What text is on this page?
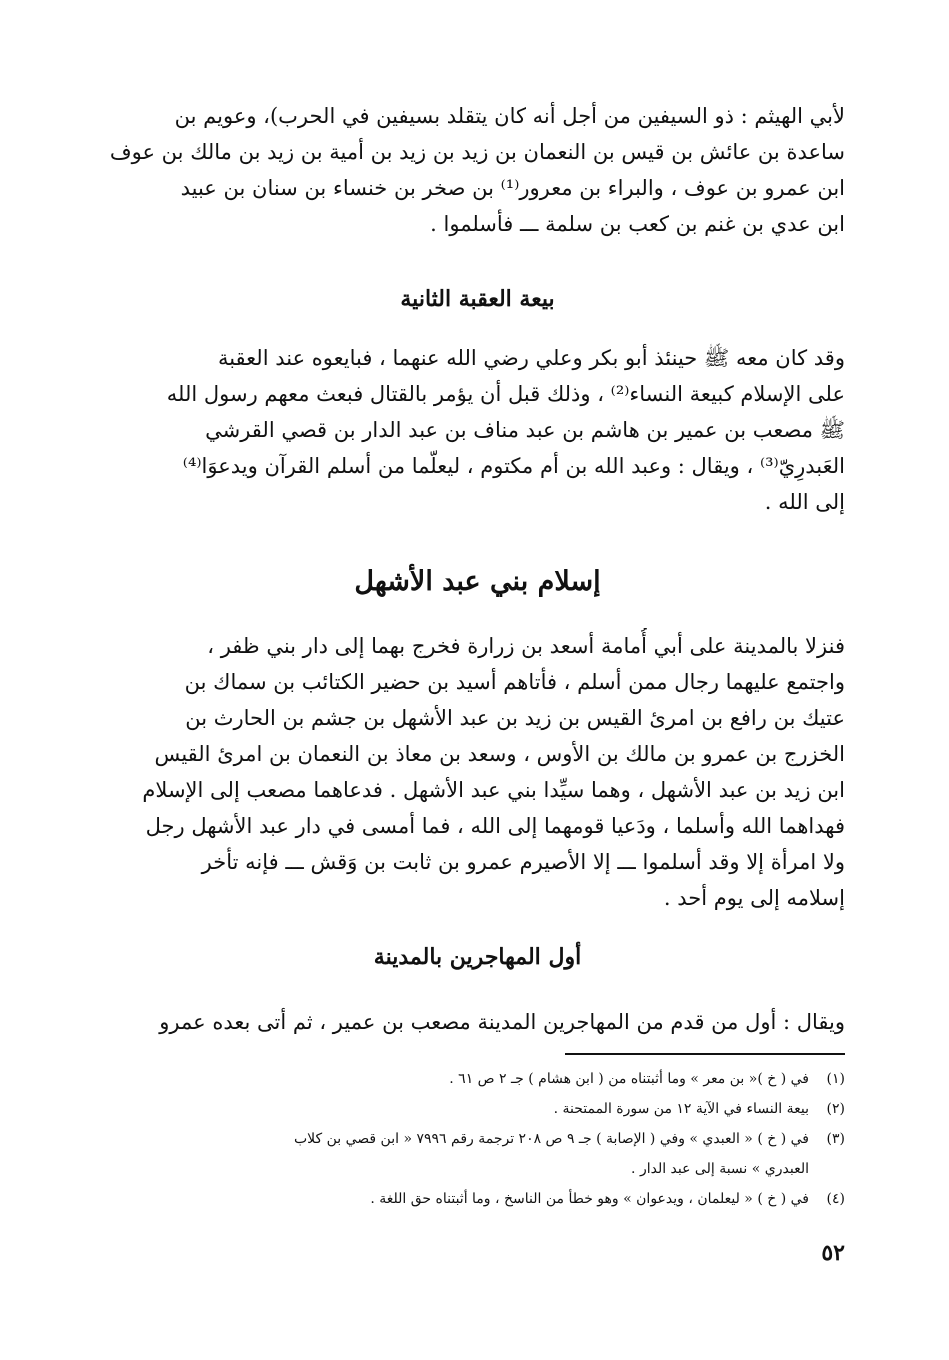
لأبي الهيثم : ذو السيفين من أجل أنه كان يتقلد بسيفين في الحرب)، وعويم بن
ساعدة بن عائش بن قيس بن النعمان بن زيد بن زيد بن أمية بن زيد بن مالك بن عوف
ابن عمرو بن عوف ، والبراء بن معرور⁽¹⁾ بن صخر بن خنساء بن سنان بن عبيد
ابن عدي بن غنم بن كعب بن سلمة ـــ فأسلموا .
بيعة العقبة الثانية
وقد كان معه ﷺ حينئذ أبو بكر وعلي رضي الله عنهما ، فبايعوه عند العقبة
على الإسلام كبيعة النساء⁽²⁾ ، وذلك قبل أن يؤمر بالقتال فبعث معهم رسول الله
ﷺ مصعب بن عمير بن هاشم بن عبد مناف بن عبد الدار بن قصي القرشي
العَبدرِيّ⁽³⁾ ، ويقال : وعبد الله بن أم مكتوم ، ليعلّما من أسلم القرآن ويدعوَا⁽⁴⁾
إلى الله .
إسلام بني عبد الأشهل
فنزلا بالمدينة على أبي أُمامة أسعد بن زرارة فخرج بهما إلى دار بني ظفر ،
واجتمع عليهما رجال ممن أسلم ، فأتاهم أسيد بن حضير الكتائب بن سماك بن
عتيك بن رافع بن امرئ القيس بن زيد بن عبد الأشهل بن جشم بن الحارث بن
الخزرج بن عمرو بن مالك بن الأوس ، وسعد بن معاذ بن النعمان بن امرئ القيس
ابن زيد بن عبد الأشهل ، وهما سيِّدا بني عبد الأشهل . فدعاهما مصعب إلى الإسلام
فهداهما الله وأسلما ، ودَعيا قومهما إلى الله ، فما أمسى في دار عبد الأشهل رجل
ولا امرأة إلا وقد أسلموا ـــ إلا الأصيرم عمرو بن ثابت بن وَقش ـــ فإنه تأخر
إسلامه إلى يوم أحد .
أول المهاجرين بالمدينة
ويقال : أول من قدم من المهاجرين المدينة مصعب بن عمير ، ثم أتى بعده عمرو
(١)في ( خ )« بن معر » وما أثبتناه من ( ابن هشام ) جـ ٢ ص ٦١ .
(٢)بيعة النساء في الآية ١٢ من سورة الممتحنة .
(٣)في ( خ ) « العبدي » وفي ( الإصابة ) جـ ٩ ص ٢٠٨ ترجمة رقم ٧٩٩٦ « ابن قصي بن كلاب
العبدري » نسبة إلى عبد الدار .
(٤)في ( خ ) « ليعلمان ، ويدعوان » وهو خطأ من الناسخ ، وما أثبتناه حق اللغة .
٥٢
